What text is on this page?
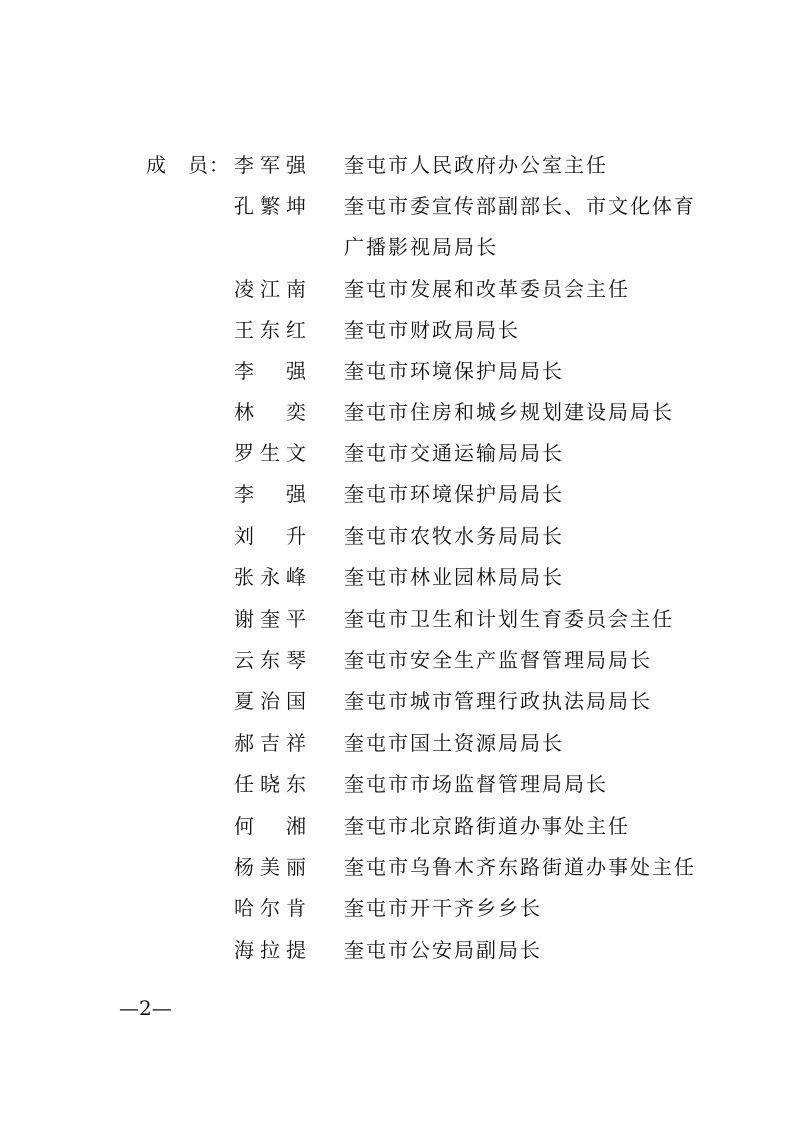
成　员： 李军强 奎屯市人民政府办公室主任
孔繁坤 奎屯市委宣传部副部长、市文化体育广播影视局局长
凌江南 奎屯市发展和改革委员会主任
王东红 奎屯市财政局局长
李　强 奎屯市环境保护局局长
林　奕 奎屯市住房和城乡规划建设局局长
罗生文 奎屯市交通运输局局长
李　强 奎屯市环境保护局局长
刘　升 奎屯市农牧水务局局长
张永峰 奎屯市林业园林局局长
谢奎平 奎屯市卫生和计划生育委员会主任
云东琴 奎屯市安全生产监督管理局局长
夏治国 奎屯市城市管理行政执法局局长
郝吉祥 奎屯市国土资源局局长
任晓东 奎屯市市场监督管理局局长
何　湘 奎屯市北京路街道办事处主任
杨美丽 奎屯市乌鲁木齐东路街道办事处主任
哈尔肯 奎屯市开干齐乡乡长
海拉提 奎屯市公安局副局长
—2—
